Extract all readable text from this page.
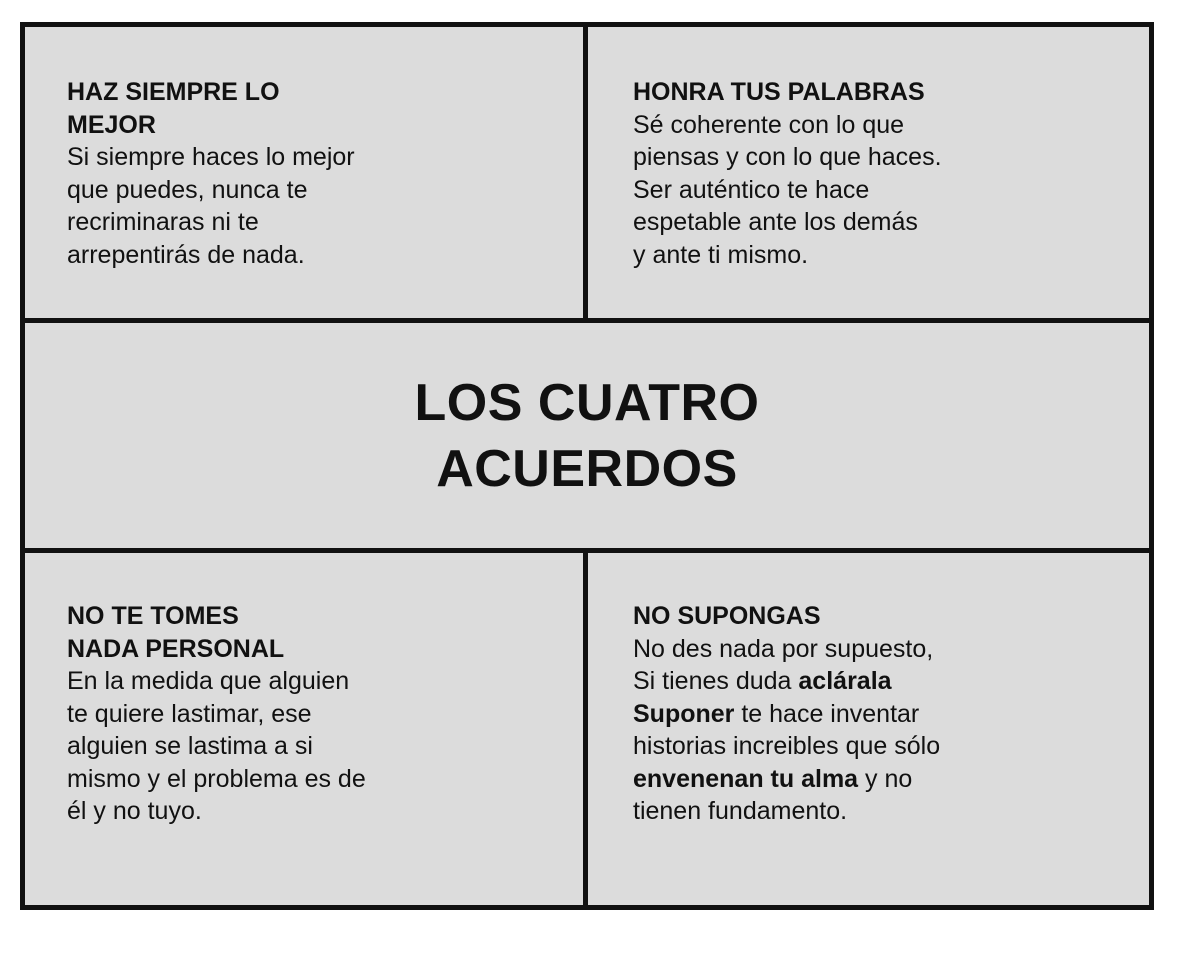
HAZ SIEMPRE LO
MEJOR
Si siempre haces lo mejor
que puedes, nunca te
recriminaras ni te
arrepentirás de nada.
HONRA TUS PALABRAS
Sé coherente con lo que
piensas y con lo que haces.
Ser auténtico te hace
espetable ante los demás
y ante ti mismo.
LOS CUATRO
ACUERDOS
NO TE TOMES
NADA PERSONAL
En la medida que alguien
te quiere lastimar, ese
alguien se lastima a si
mismo y el problema es de
él y no tuyo.
NO SUPONGAS
No des nada por supuesto,
Si tienes duda aclárala
Suponer te hace inventar
historias increibles que sólo
envenenan tu alma y no
tienen fundamento.
